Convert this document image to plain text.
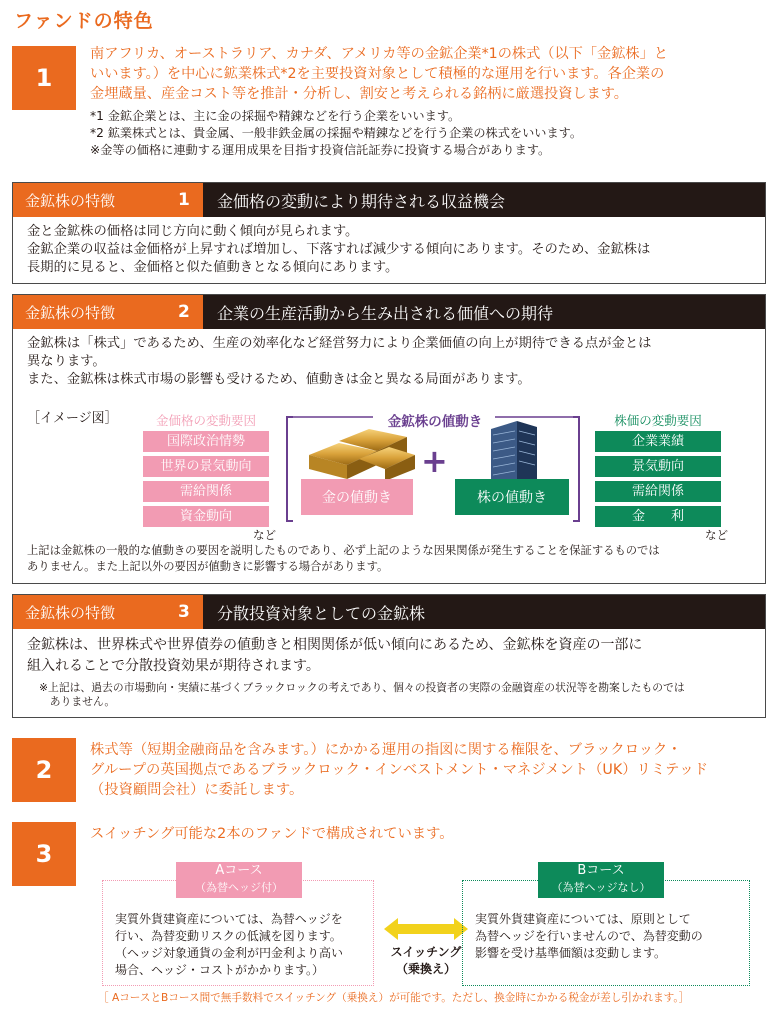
ファンドの特色
1
南アフリカ、オーストラリア、カナダ、アメリカ等の金鉱企業*1の株式（以下「金鉱株」と
いいます。）を中心に鉱業株式*2を主要投資対象として積極的な運用を行います。各企業の
金埋蔵量、産金コスト等を推計・分析し、割安と考えられる銘柄に厳選投資します。
*1 金鉱企業とは、主に金の採掘や精錬などを行う企業をいいます。
*2 鉱業株式とは、貴金属、一般非鉄金属の採掘や精錬などを行う企業の株式をいいます。
※金等の価格に連動する運用成果を目指す投資信託証券に投資する場合があります。
金鉱株の特徴	1	金価格の変動により期待される収益機会
金と金鉱株の価格は同じ方向に動く傾向が見られます。
金鉱企業の収益は金価格が上昇すれば増加し、下落すれば減少する傾向にあります。そのため、金鉱株は
長期的に見ると、金価格と似た値動きとなる傾向にあります。
金鉱株の特徴	2	企業の生産活動から生み出される価値への期待
金鉱株は「株式」であるため、生産の効率化など経営努力により企業価値の向上が期待できる点が金とは
異なります。
また、金鉱株は株式市場の影響も受けるため、値動きは金と異なる局面があります。
［イメージ図］	金価格の変動要因
国際政治情勢
世界の景気動向
需給関係
資金動向
など
金鉱株の値動き
金の値動き
+
株の値動き
株価の変動要因
企業業績
景気動向
需給関係
金　　利
など
上記は金鉱株の一般的な値動きの要因を説明したものであり、必ず上記のような因果関係が発生することを保証するものでは
ありません。また上記以外の要因が値動きに影響する場合があります。
金鉱株の特徴	3	分散投資対象としての金鉱株
金鉱株は、世界株式や世界債券の値動きと相関関係が低い傾向にあるため、金鉱株を資産の一部に
組入れることで分散投資効果が期待されます。
※上記は、過去の市場動向・実績に基づくブラックロックの考えであり、個々の投資者の実際の金融資産の状況等を勘案したものでは
　ありません。
2
株式等（短期金融商品を含みます。）にかかる運用の指図に関する権限を、ブラックロック・
グループの英国拠点であるブラックロック・インベストメント・マネジメント（UK）リミテッド
（投資顧問会社）に委託します。
3
スイッチング可能な2本のファンドで構成されています。
実質外貨建資産については、為替ヘッジを
行い、為替変動リスクの低減を図ります。
（ヘッジ対象通貨の金利が円金利より高い
場合、ヘッジ・コストがかかります。）
Aコース
（為替ヘッジ付）
スイッチング
（乗換え）
実質外貨建資産については、原則として
為替ヘッジを行いませんので、為替変動の
影響を受け基準価額は変動します。
Bコース
（為替ヘッジなし）
［ AコースとBコース間で無手数料でスイッチング（乗換え）が可能です。ただし、換金時にかかる税金が差し引かれます。］
